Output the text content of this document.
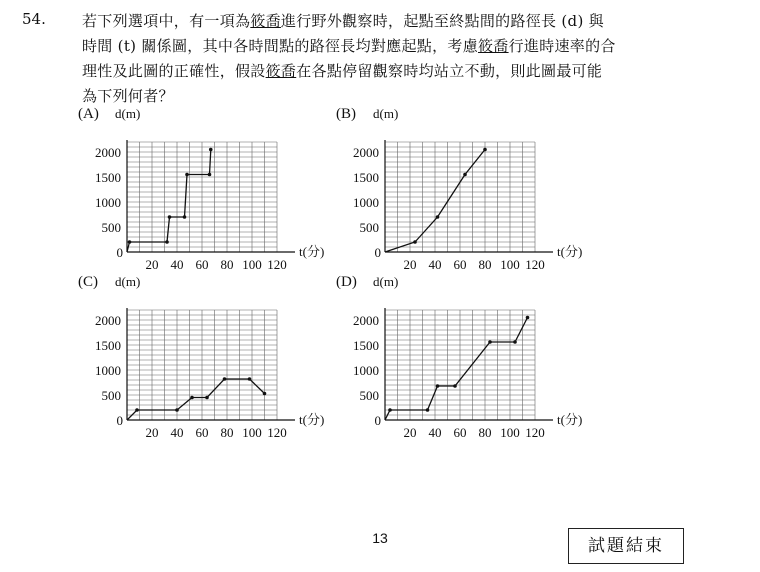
54. 若下列選項中，有一項為筱喬進行野外觀察時，起點至終點間的路徑長 (d) 與
時間 (t) 關係圖，其中各時間點的路徑長均對應起點，考慮筱喬行進時速率的合
理性及此圖的正確性，假設筱喬在各點停留觀察時均站立不動，則此圖最可能
為下列何者？
(A) d(m)
t(分)
0
20 40 60 80 100 120
500
1000
1500
2000
(B) d(m)
t(分)
0
20 40 60 80 100 120
500
1000
1500
2000
(C) d(m)
t(分)
0
20 40 60 80 100 120
500
1000
1500
2000
(D) d(m)
t(分)
0
20 40 60 80 100 120
500
1000
1500
2000
13	試題結束
